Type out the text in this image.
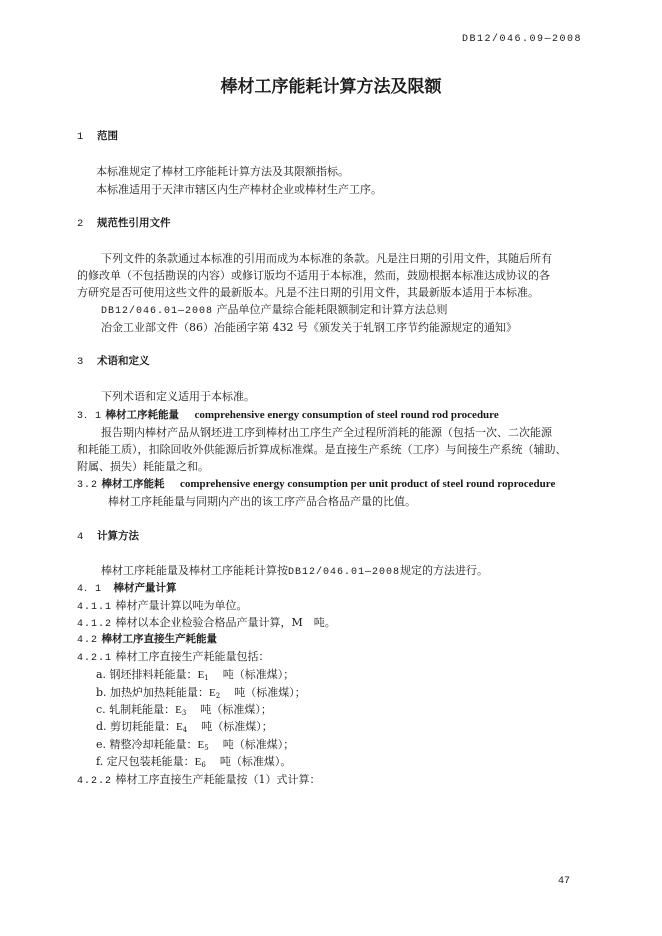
DB12/046.09—2008
棒材工序能耗计算方法及限额
1 范围
本标准规定了棒材工序能耗计算方法及其限额指标。
本标准适用于天津市辖区内生产棒材企业或棒材生产工序。
2 规范性引用文件
下列文件的条款通过本标准的引用而成为本标准的条款。凡是注日期的引用文件，其随后所有
的修改单（不包括勘误的内容）或修订版均不适用于本标准，然而，鼓励根据本标准达成协议的各
方研究是否可使用这些文件的最新版本。凡是不注日期的引用文件，其最新版本适用于本标准。
DB12/046.01—2008 产品单位产量综合能耗限额制定和计算方法总则
冶金工业部文件（86）冶能函字第 432 号《颁发关于轧钢工序节约能源规定的通知》
3 术语和定义
下列术语和定义适用于本标准。
3．1 棒材工序耗能量 comprehensive energy consumption of steel round rod procedure
报告期内棒材产品从钢坯进工序到棒材出工序生产全过程所消耗的能源（包括一次、二次能源
和耗能工质），扣除回收外供能源后折算成标准煤。是直接生产系统（工序）与间接生产系统（辅助、
附属、损失）耗能量之和。
3.2 棒材工序能耗 comprehensive energy consumption per unit product of steel round roprocedure
棒材工序耗能量与同期内产出的该工序产品合格品产量的比值。
4 计算方法
棒材工序耗能量及棒材工序能耗计算按DB12/046.01—2008规定的方法进行。
4．1 棒材产量计算
4.1.1 棒材产量计算以吨为单位。
4.1.2 棒材以本企业检验合格品产量计算，M　吨。
4.2 棒材工序直接生产耗能量
4.2.1 棒材工序直接生产耗能量包括：
a. 钢坯排料耗能量：$E_1$ 吨（标准煤）；
b. 加热炉加热耗能量：$E_2$ 吨（标准煤）；
c. 轧制耗能量：$E_3$ 吨（标准煤）；
d. 剪切耗能量：$E_4$ 吨（标准煤）；
e. 精整冷却耗能量：$E_5$ 吨（标准煤）；
f. 定尺包装耗能量：$E_6$ 吨（标准煤）。
4.2.2 棒材工序直接生产耗能量按（1）式计算：
47
